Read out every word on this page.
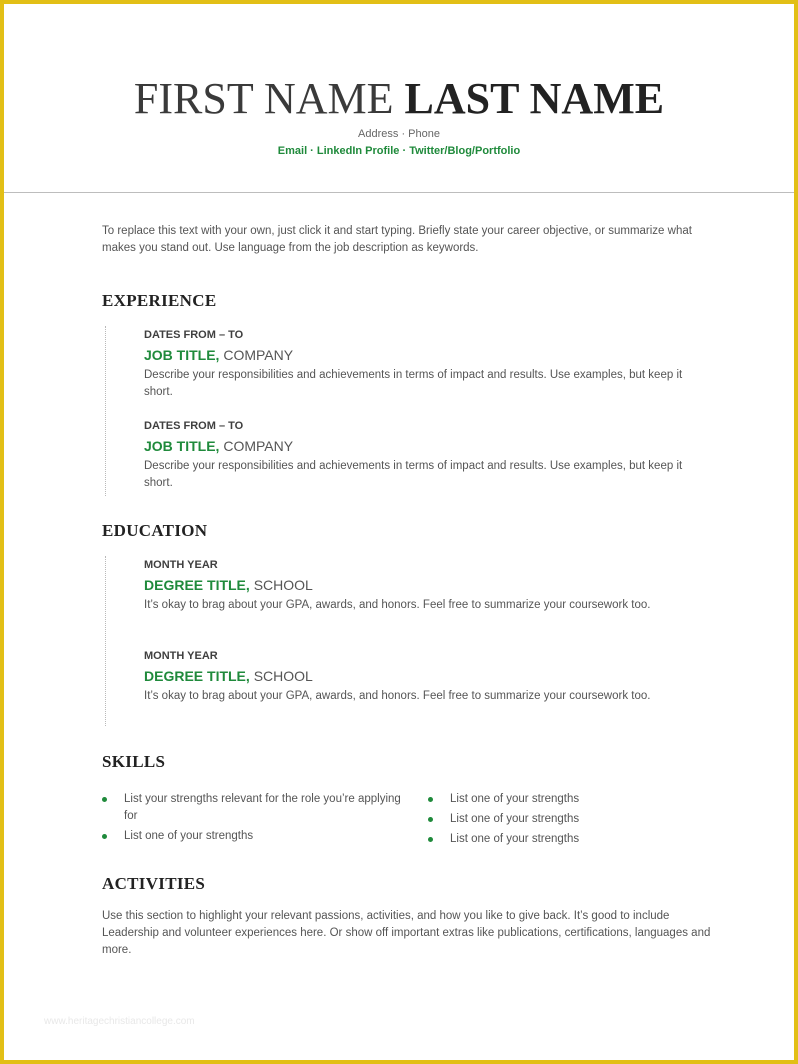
FIRST NAME LAST NAME
Address · Phone
Email · LinkedIn Profile · Twitter/Blog/Portfolio
To replace this text with your own, just click it and start typing. Briefly state your career objective, or summarize what makes you stand out. Use language from the job description as keywords.
EXPERIENCE
DATES FROM – TO
JOB TITLE, COMPANY
Describe your responsibilities and achievements in terms of impact and results. Use examples, but keep it short.
DATES FROM – TO
JOB TITLE, COMPANY
Describe your responsibilities and achievements in terms of impact and results. Use examples, but keep it short.
EDUCATION
MONTH YEAR
DEGREE TITLE, SCHOOL
It’s okay to brag about your GPA, awards, and honors. Feel free to summarize your coursework too.
MONTH YEAR
DEGREE TITLE, SCHOOL
It’s okay to brag about your GPA, awards, and honors. Feel free to summarize your coursework too.
SKILLS
List your strengths relevant for the role you’re applying for
List one of your strengths
List one of your strengths
List one of your strengths
List one of your strengths
ACTIVITIES
Use this section to highlight your relevant passions, activities, and how you like to give back. It’s good to include Leadership and volunteer experiences here. Or show off important extras like publications, certifications, languages and more.
www.heritagechristiancollege.com
